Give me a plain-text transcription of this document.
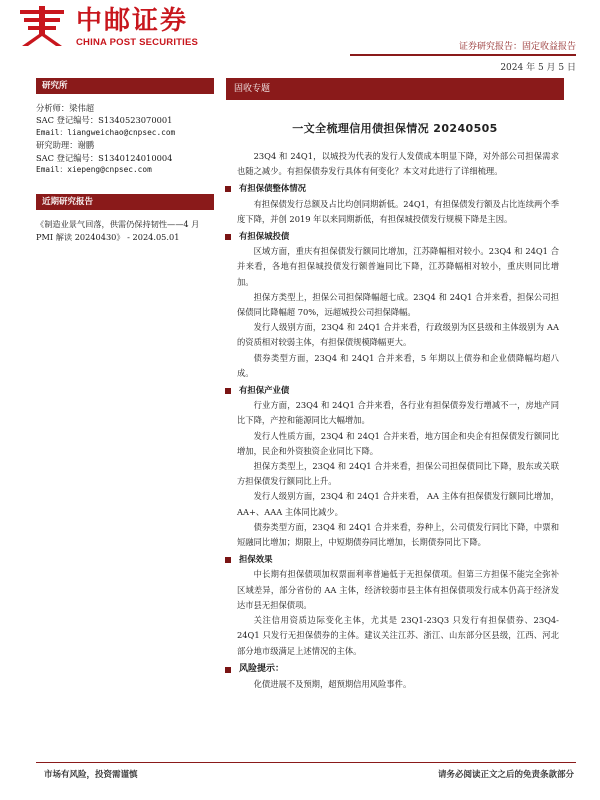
中邮证券
CHINA POST SECURITIES	证券研究报告：固定收益报告
2024 年 5 月 5 日
研究所
分析师：梁伟超
SAC 登记编号：S1340523070001
Email：liangweichao@cnpsec.com
研究助理：谢鹏
SAC 登记编号：S1340124010004
Email：xiepeng@cnpsec.com
近期研究报告
《制造业景气回落，供需仍保持韧性——4 月 PMI 解读 20240430》 - 2024.05.01
固收专题
一文全梳理信用债担保情况 20240505

23Q4 和 24Q1，以城投为代表的发行人发债成本明显下降，对外部公司担保需求也随之减少。有担保债券发行具体有何变化？本文对此进行了详细梳理。

有担保债整体情况

有担保债发行总额及占比均创同期新低。24Q1，有担保债发行额及占比连续两个季度下降，并创 2019 年以来同期新低，有担保城投债发行规模下降是主因。

有担保城投债

区域方面，重庆有担保债发行额同比增加，江苏降幅相对较小。23Q4 和 24Q1 合并来看，各地有担保城投债发行额普遍同比下降，江苏降幅相对较小，重庆则同比增加。

担保方类型上，担保公司担保降幅超七成。23Q4 和 24Q1 合并来看，担保公司担保债同比降幅超 70%，远超城投公司担保降幅。

发行人级别方面，23Q4 和 24Q1 合并来看，行政级别为区县级和主体级别为 AA 的资质相对较弱主体，有担保债规模降幅更大。

债券类型方面，23Q4 和 24Q1 合并来看，5 年期以上债券和企业债降幅均超八成。

有担保产业债

行业方面，23Q4 和 24Q1 合并来看，各行业有担保债券发行增减不一，房地产同比下降，产控和能源同比大幅增加。

发行人性质方面，23Q4 和 24Q1 合并来看，地方国企和央企有担保债发行额同比增加，民企和外资独资企业同比下降。

担保方类型上，23Q4 和 24Q1 合并来看，担保公司担保债同比下降，股东或关联方担保债发行额同比上升。

发行人级别方面，23Q4 和 24Q1 合并来看， AA 主体有担保债发行额同比增加，AA+、AAA 主体同比减少。

债券类型方面，23Q4 和 24Q1 合并来看，券种上，公司债发行同比下降，中票和短融同比增加；期限上，中短期债券同比增加，长期债券同比下降。

担保效果

中长期有担保债项加权票面利率普遍低于无担保债项。但第三方担保不能完全弥补区域差异，部分省份的 AA 主体，经济较弱市县主体有担保债项发行成本仍高于经济发达市县无担保债项。

关注信用资质边际变化主体，尤其是 23Q1-23Q3 只发行有担保债券、23Q4-24Q1 只发行无担保债券的主体。建议关注江苏、浙江、山东部分区县级，江西、河北部分地市级满足上述情况的主体。

风险提示：

化债进展不及预期，超预期信用风险事件。

市场有风险，投资需谨慎	请务必阅读正文之后的免责条款部分
